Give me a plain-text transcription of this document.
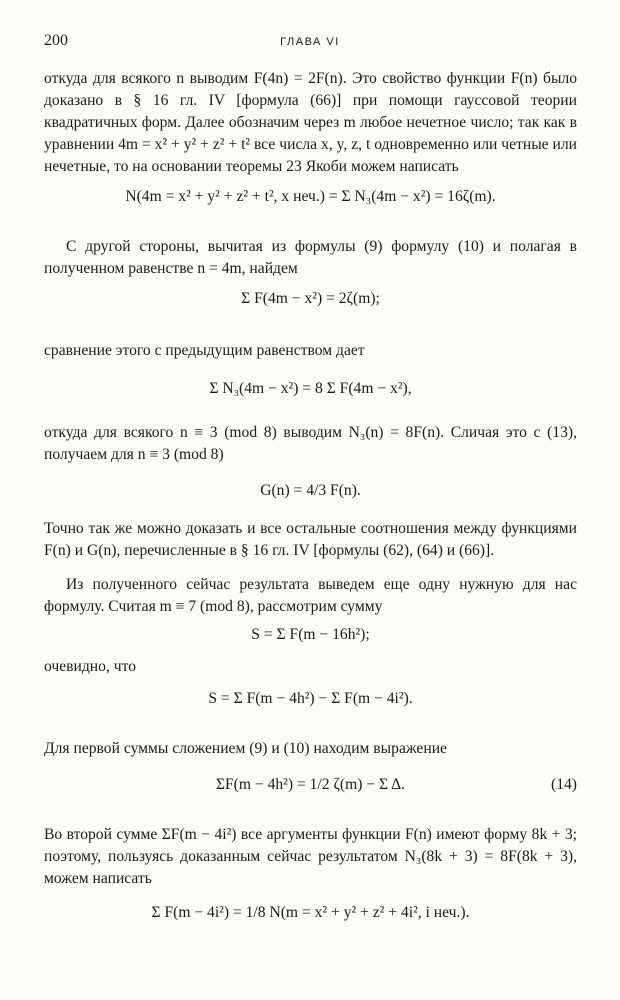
200	ГЛАВА VI

откуда для всякого n выводим F(4n) = 2F(n). Это свойство функции F(n) было доказано в § 16 гл. IV [формула (66)] при помощи гауссовой теории квадратичных форм. Далее обозначим через m любое нечетное число; так как в уравнении 4m = x² + y² + z² + t² все числа x, y, z, t одновременно или четные или нечетные, то на основании теоремы 23 Якоби можем написать

N(4m = x² + y² + z² + t², x неч.) = Σ N₃(4m − x²) = 16ζ(m).

С другой стороны, вычитая из формулы (9) формулу (10) и полагая в полученном равенстве n = 4m, найдем

Σ F(4m − x²) = 2ζ(m);

сравнение этого с предыдущим равенством дает

Σ N₃(4m − x²) = 8 Σ F(4m − x²),

откуда для всякого n ≡ 3 (mod 8) выводим N₃(n) = 8F(n). Сличая это с (13), получаем для n ≡ 3 (mod 8)

G(n) = 4/3 F(n).

Точно так же можно доказать и все остальные соотношения между функциями F(n) и G(n), перечисленные в § 16 гл. IV [формулы (62), (64) и (66)].

Из полученного сейчас результата выведем еще одну нужную для нас формулу. Считая m ≡ 7 (mod 8), рассмотрим сумму

S = Σ F(m − 16h²);

очевидно, что

S = Σ F(m − 4h²) − Σ F(m − 4i²).

Для первой суммы сложением (9) и (10) находим выражение

ΣF(m − 4h²) = 1/2 ζ(m) − Σ Δ.	(14)

Во второй сумме ΣF(m − 4i²) все аргументы функции F(n) имеют форму 8k + 3; поэтому, пользуясь доказанным сейчас результатом N₃(8k + 3) = 8F(8k + 3), можем написать

Σ F(m − 4i²) = 1/8 N(m = x² + y² + z² + 4i², i неч.).
